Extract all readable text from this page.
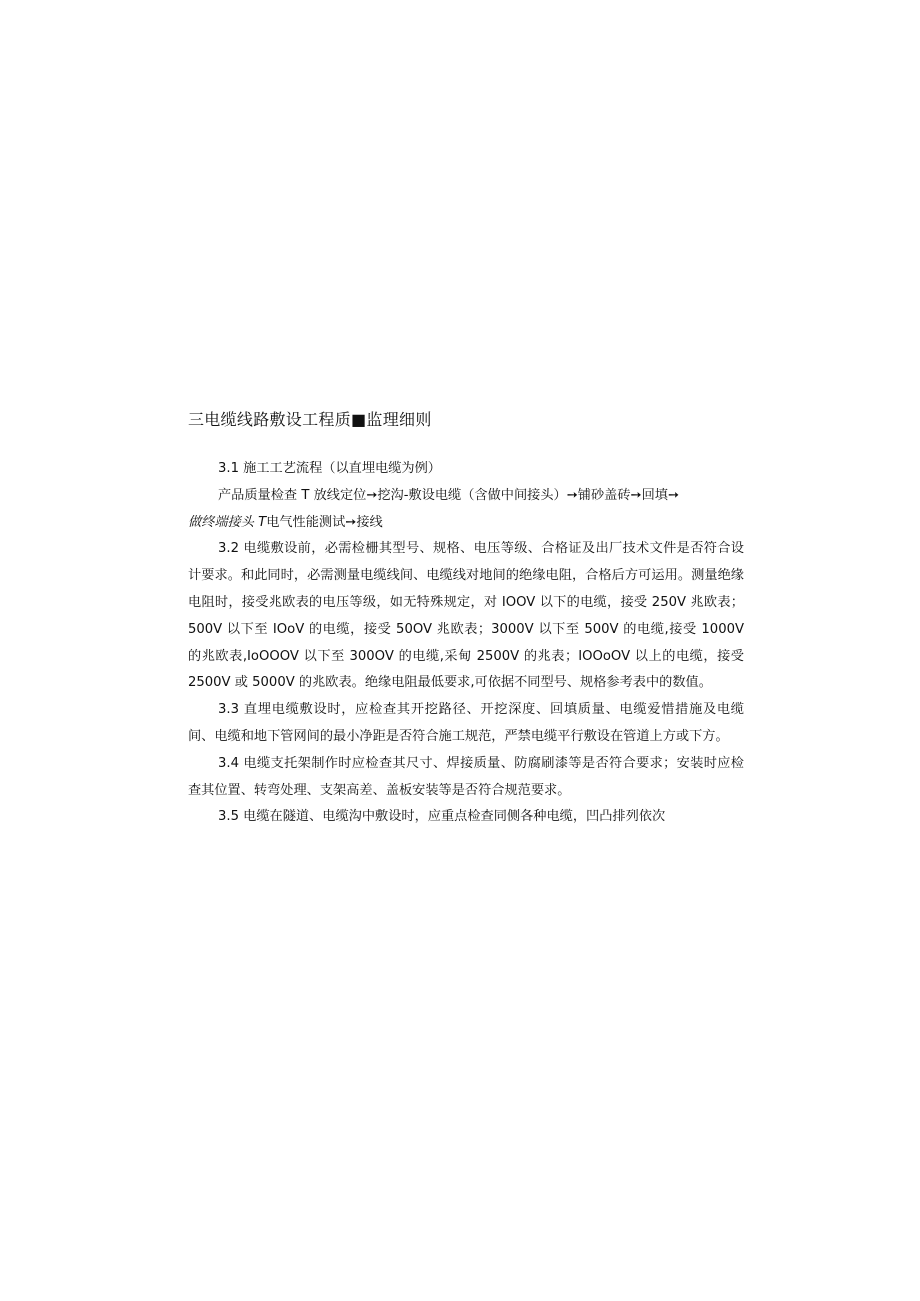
三电缆线路敷设工程质■监理细则

3.1 施工工艺流程（以直埋电缆为例）

产品质量检查 T 放线定位➙挖沟-敷设电缆（含做中间接头）➙铺砂盖砖➙回填➙

做终端接头 T电气性能测试➙接线

3.2 电缆敷设前，必需检栅其型号、规格、电压等级、合格证及出厂技术文件是否符合设计要求。和此同时，必需测量电缆线间、电缆线对地间的绝缘电阻，合格后方可运用。测量绝缘电阻时，接受兆欧表的电压等级，如无特殊规定，对 IOOV 以下的电缆，接受 250V 兆欧表；500V 以下至 IOoV 的电缆，接受 50OV 兆欧表；3000V 以下至 500V 的电缆,接受 1000V 的兆欧表,IoOOOV 以下至 300OV 的电缆,采甸 2500V 的兆表；IOOoOV 以上的电缆，接受 2500V 或 5000V 的兆欧表。绝缘电阻最低要求,可依据不同型号、规格参考表中的数值。

3.3 直埋电缆敷设时，应检查其开挖路径、开挖深度、回填质量、电缆爱惜措施及电缆间、电缆和地下管网间的最小净距是否符合施工规范，严禁电缆平行敷设在管道上方或下方。

3.4 电缆支托架制作时应检查其尺寸、焊接质量、防腐刷漆等是否符合要求；安装时应检查其位置、转弯处理、支架高差、盖板安装等是否符合规范要求。

3.5 电缆在隧道、电缆沟中敷设时，应重点检查同侧各种电缆，凹凸排列依次
